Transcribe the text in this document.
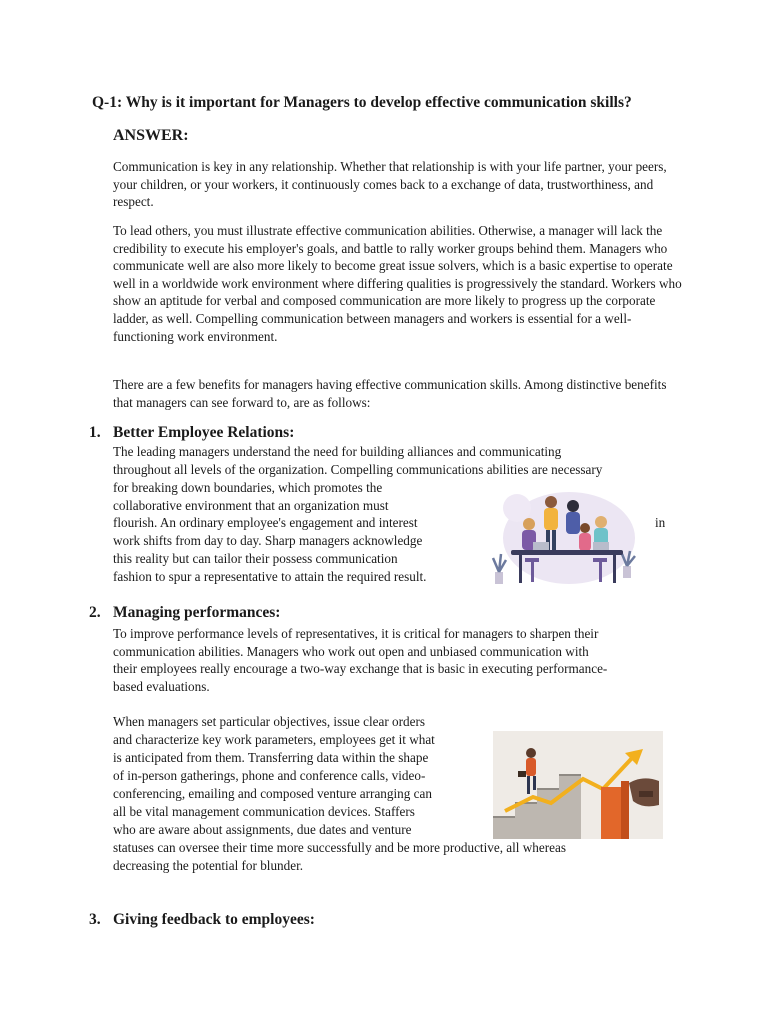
Q-1: Why is it important for Managers to develop effective communication skills?
ANSWER:
Communication is key in any relationship. Whether that relationship is with your life partner, your peers, your children, or your workers, it continuously comes back to a exchange of data, trustworthiness, and respect.
To lead others, you must illustrate effective communication abilities. Otherwise, a manager will lack the credibility to execute his employer's goals, and battle to rally worker groups behind them. Managers who communicate well are also more likely to become great issue solvers, which is a basic expertise to operate well in a worldwide work environment where differing qualities is progressively the standard. Workers who show an aptitude for verbal and composed communication are more likely to progress up the corporate ladder, as well. Compelling communication between managers and workers is essential for a well-functioning work environment.
There are a few benefits for managers having effective communication skills. Among distinctive benefits that managers can see forward to, are as follows:
1. Better Employee Relations:
The leading managers understand the need for building alliances and communicating
throughout all levels of the organization. Compelling communications abilities are necessary
for breaking down boundaries, which promotes the
collaborative environment that an organization must
flourish. An ordinary employee's engagement and interest	in
work shifts from day to day. Sharp managers acknowledge
this reality but can tailor their possess communication
fashion to spur a representative to attain the required result.
2. Managing performances:
To improve performance levels of representatives, it is critical for managers to sharpen their
communication abilities. Managers who work out open and unbiased communication with
their employees really encourage a two-way exchange that is basic in executing performance-
based evaluations.
When managers set particular objectives, issue clear orders
and characterize key work parameters, employees get it what
is anticipated from them. Transferring data within the shape
of in-person gatherings, phone and conference calls, video-
conferencing, emailing and composed venture arranging can
all be vital management communication devices. Staffers
who are aware about assignments, due dates and venture
statuses can oversee their time more successfully and be more productive, all whereas
decreasing the potential for blunder.
3. Giving feedback to employees:
